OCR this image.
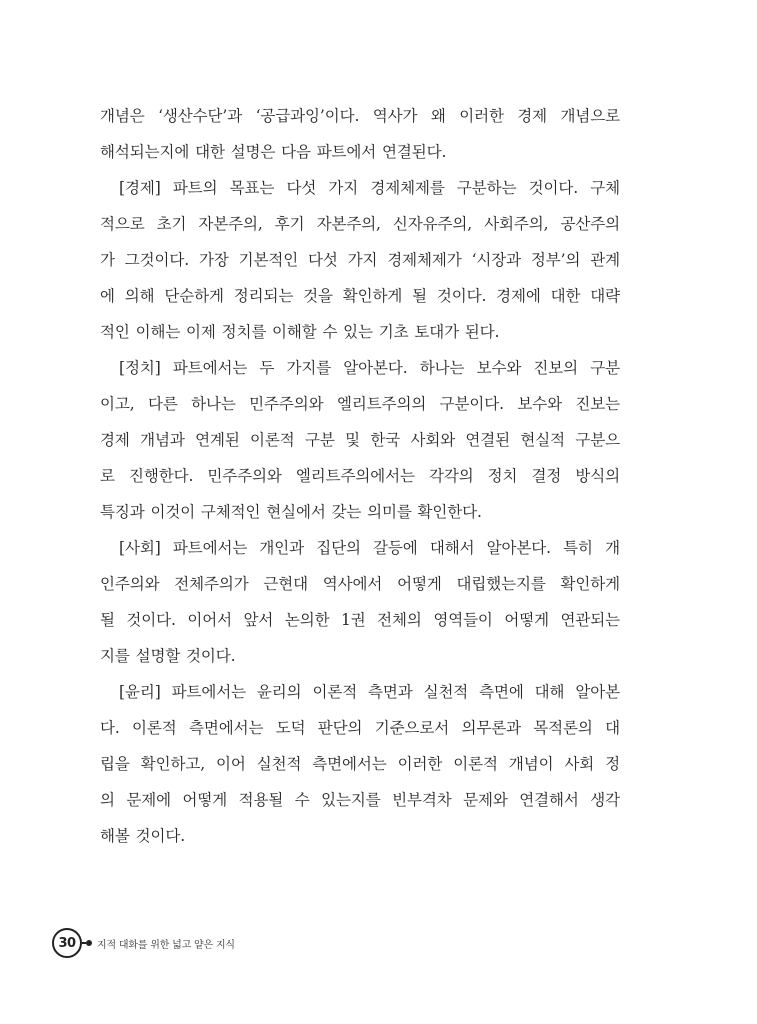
개념은 ‘생산수단’과 ‘공급과잉’이다. 역사가 왜 이러한 경제 개념으로
해석되는지에 대한 설명은 다음 파트에서 연결된다.
[경제] 파트의 목표는 다섯 가지 경제체제를 구분하는 것이다. 구체
적으로 초기 자본주의, 후기 자본주의, 신자유주의, 사회주의, 공산주의
가 그것이다. 가장 기본적인 다섯 가지 경제체제가 ‘시장과 정부’의 관계
에 의해 단순하게 정리되는 것을 확인하게 될 것이다. 경제에 대한 대략
적인 이해는 이제 정치를 이해할 수 있는 기초 토대가 된다.
[정치] 파트에서는 두 가지를 알아본다. 하나는 보수와 진보의 구분
이고, 다른 하나는 민주주의와 엘리트주의의 구분이다. 보수와 진보는
경제 개념과 연계된 이론적 구분 및 한국 사회와 연결된 현실적 구분으
로 진행한다. 민주주의와 엘리트주의에서는 각각의 정치 결정 방식의
특징과 이것이 구체적인 현실에서 갖는 의미를 확인한다.
[사회] 파트에서는 개인과 집단의 갈등에 대해서 알아본다. 특히 개
인주의와 전체주의가 근현대 역사에서 어떻게 대립했는지를 확인하게
될 것이다. 이어서 앞서 논의한 1권 전체의 영역들이 어떻게 연관되는
지를 설명할 것이다.
[윤리] 파트에서는 윤리의 이론적 측면과 실천적 측면에 대해 알아본
다. 이론적 측면에서는 도덕 판단의 기준으로서 의무론과 목적론의 대
립을 확인하고, 이어 실천적 측면에서는 이러한 이론적 개념이 사회 정
의 문제에 어떻게 적용될 수 있는지를 빈부격차 문제와 연결해서 생각
해볼 것이다.
30	지적 대화를 위한 넓고 얕은 지식
